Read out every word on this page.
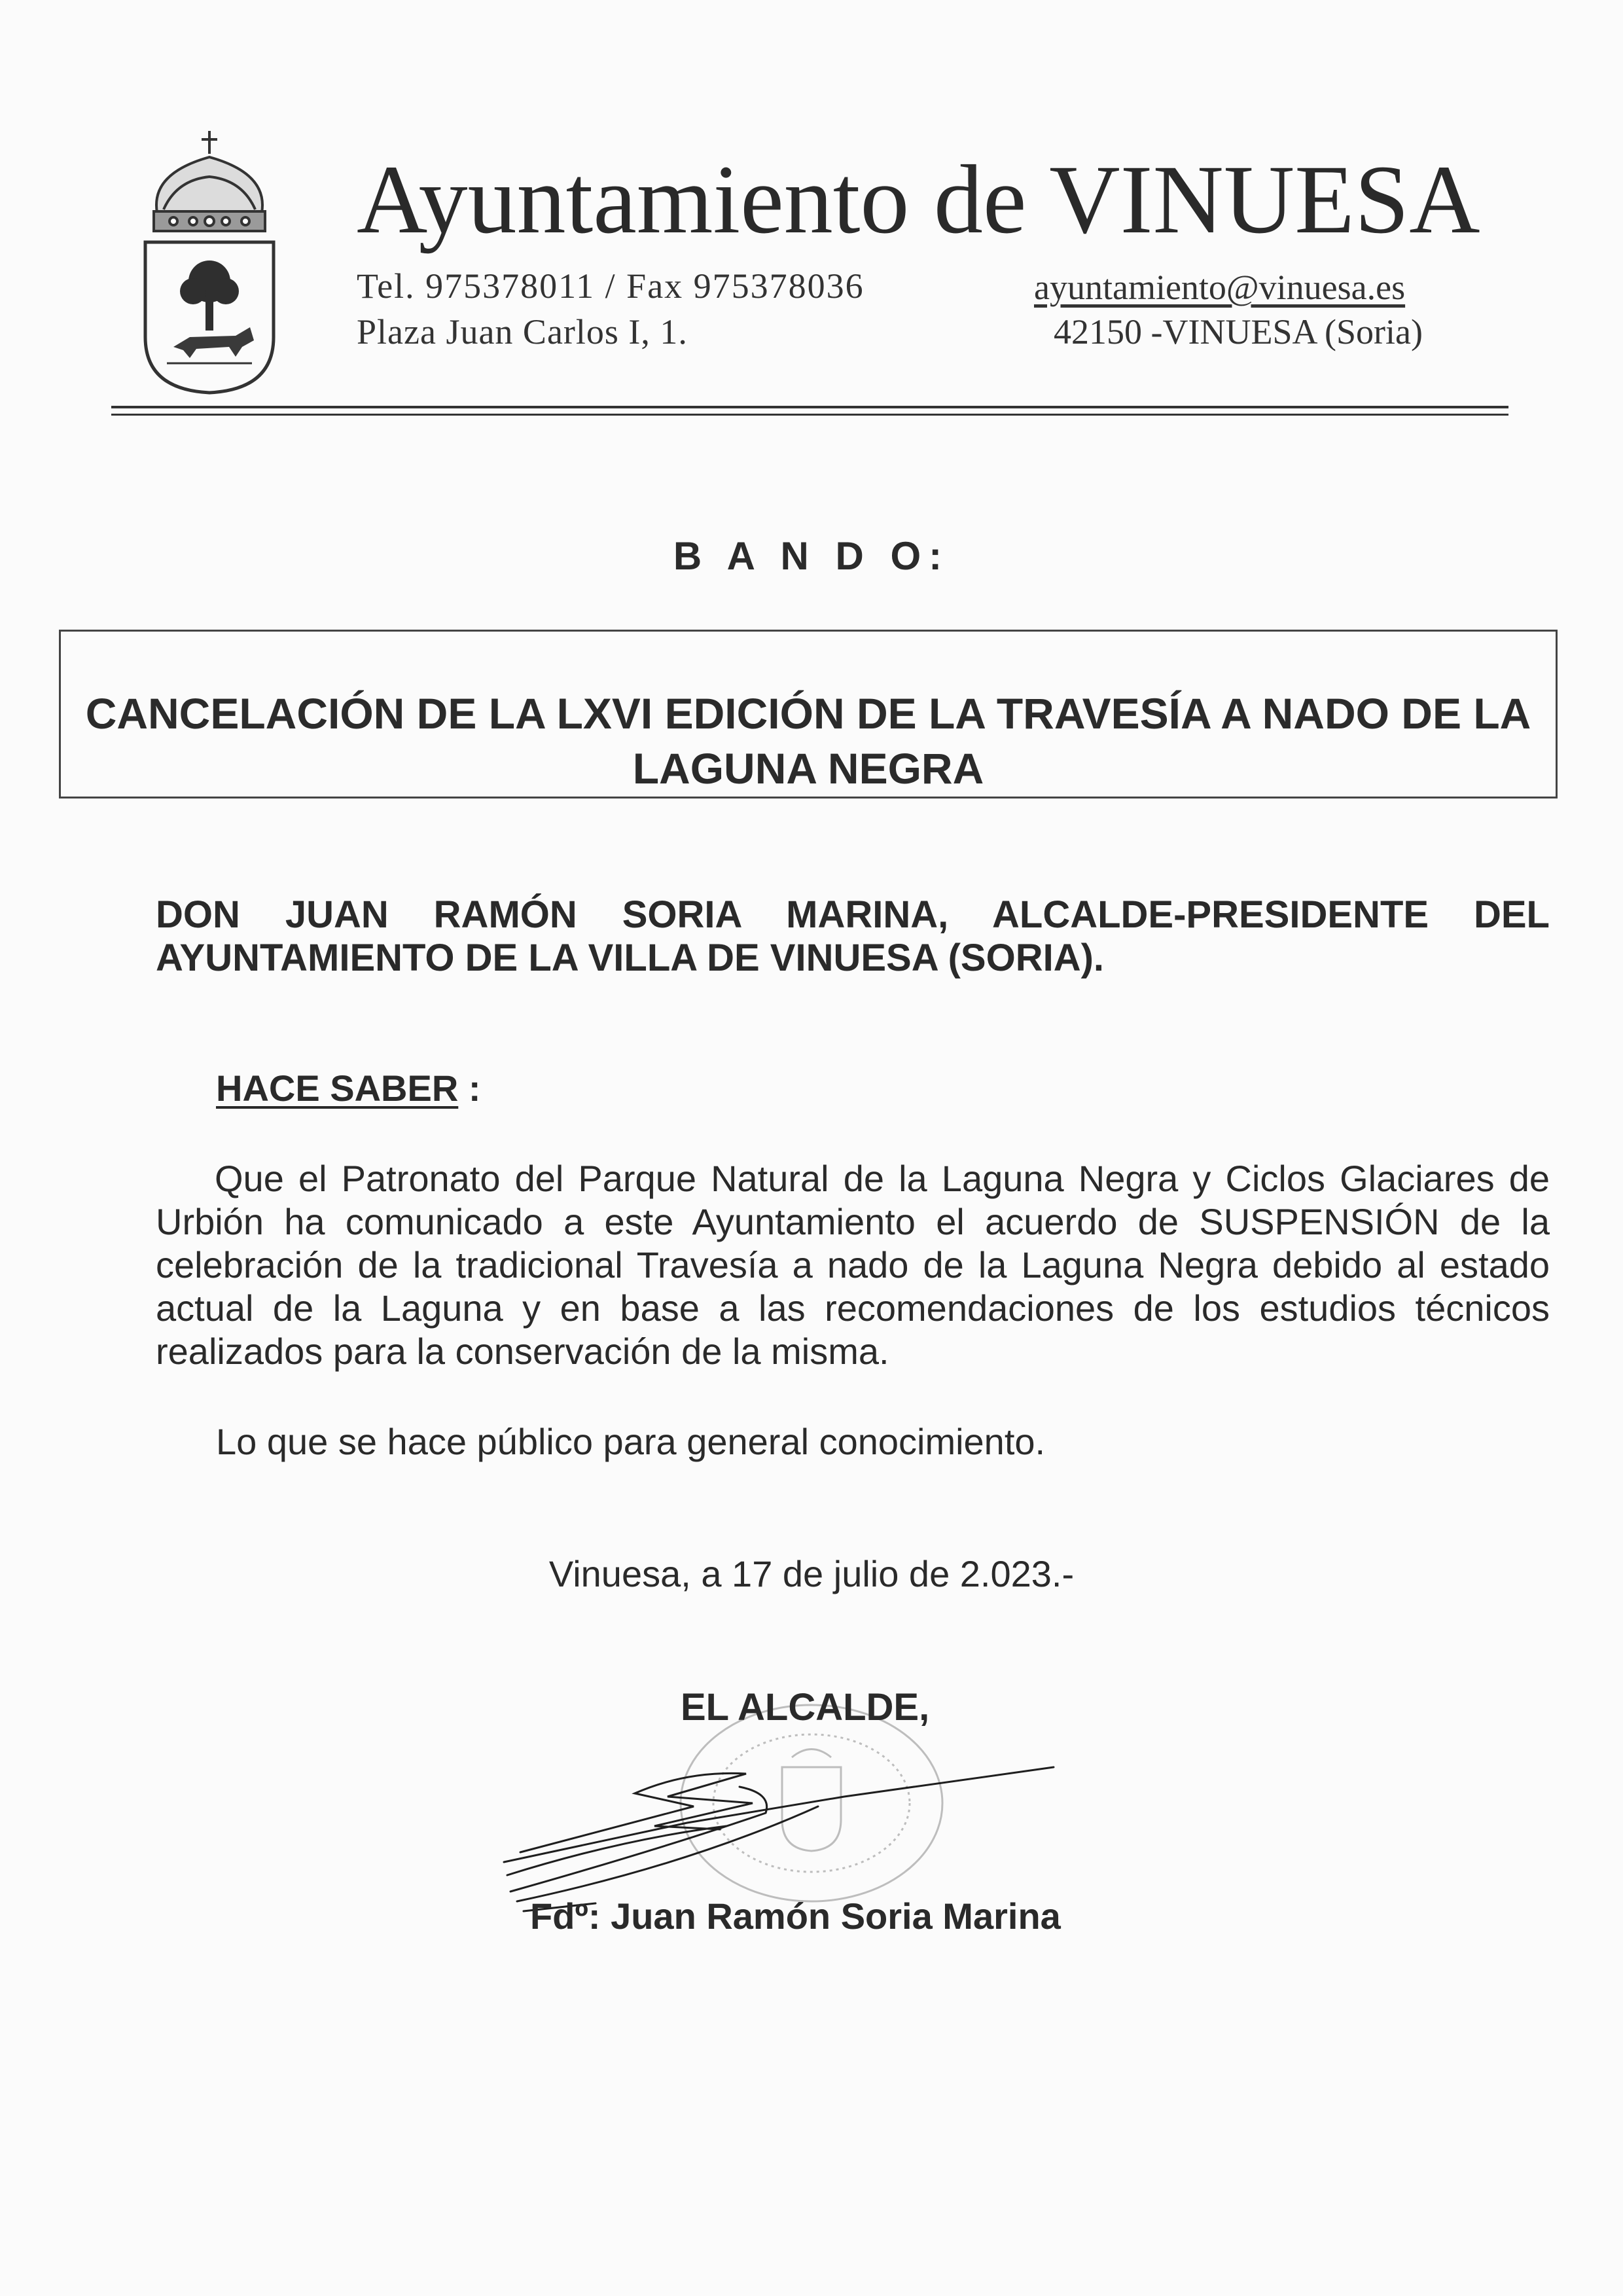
Ayuntamiento de VINUESA
Tel. 975378011 / Fax 975378036
Plaza Juan Carlos I, 1.
ayuntamiento@vinuesa.es
42150 -VINUESA (Soria)
B A N D O:
CANCELACIÓN DE LA LXVI EDICIÓN DE LA TRAVESÍA A NADO DE LA LAGUNA NEGRA
DON JUAN RAMÓN SORIA MARINA, ALCALDE-PRESIDENTE DEL AYUNTAMIENTO DE LA VILLA DE VINUESA (SORIA).
HACE SABER :
Que el Patronato del Parque Natural de la Laguna Negra y Ciclos Glaciares de Urbión ha comunicado a este Ayuntamiento el acuerdo de SUSPENSIÓN de la celebración de la tradicional Travesía a nado de la Laguna Negra debido al estado actual de la Laguna y en base a las recomendaciones de los estudios técnicos realizados para la conservación de la misma.
Lo que se hace público para general conocimiento.
Vinuesa, a 17 de julio de 2.023.-
EL ALCALDE,
Fdº: Juan Ramón Soria Marina
